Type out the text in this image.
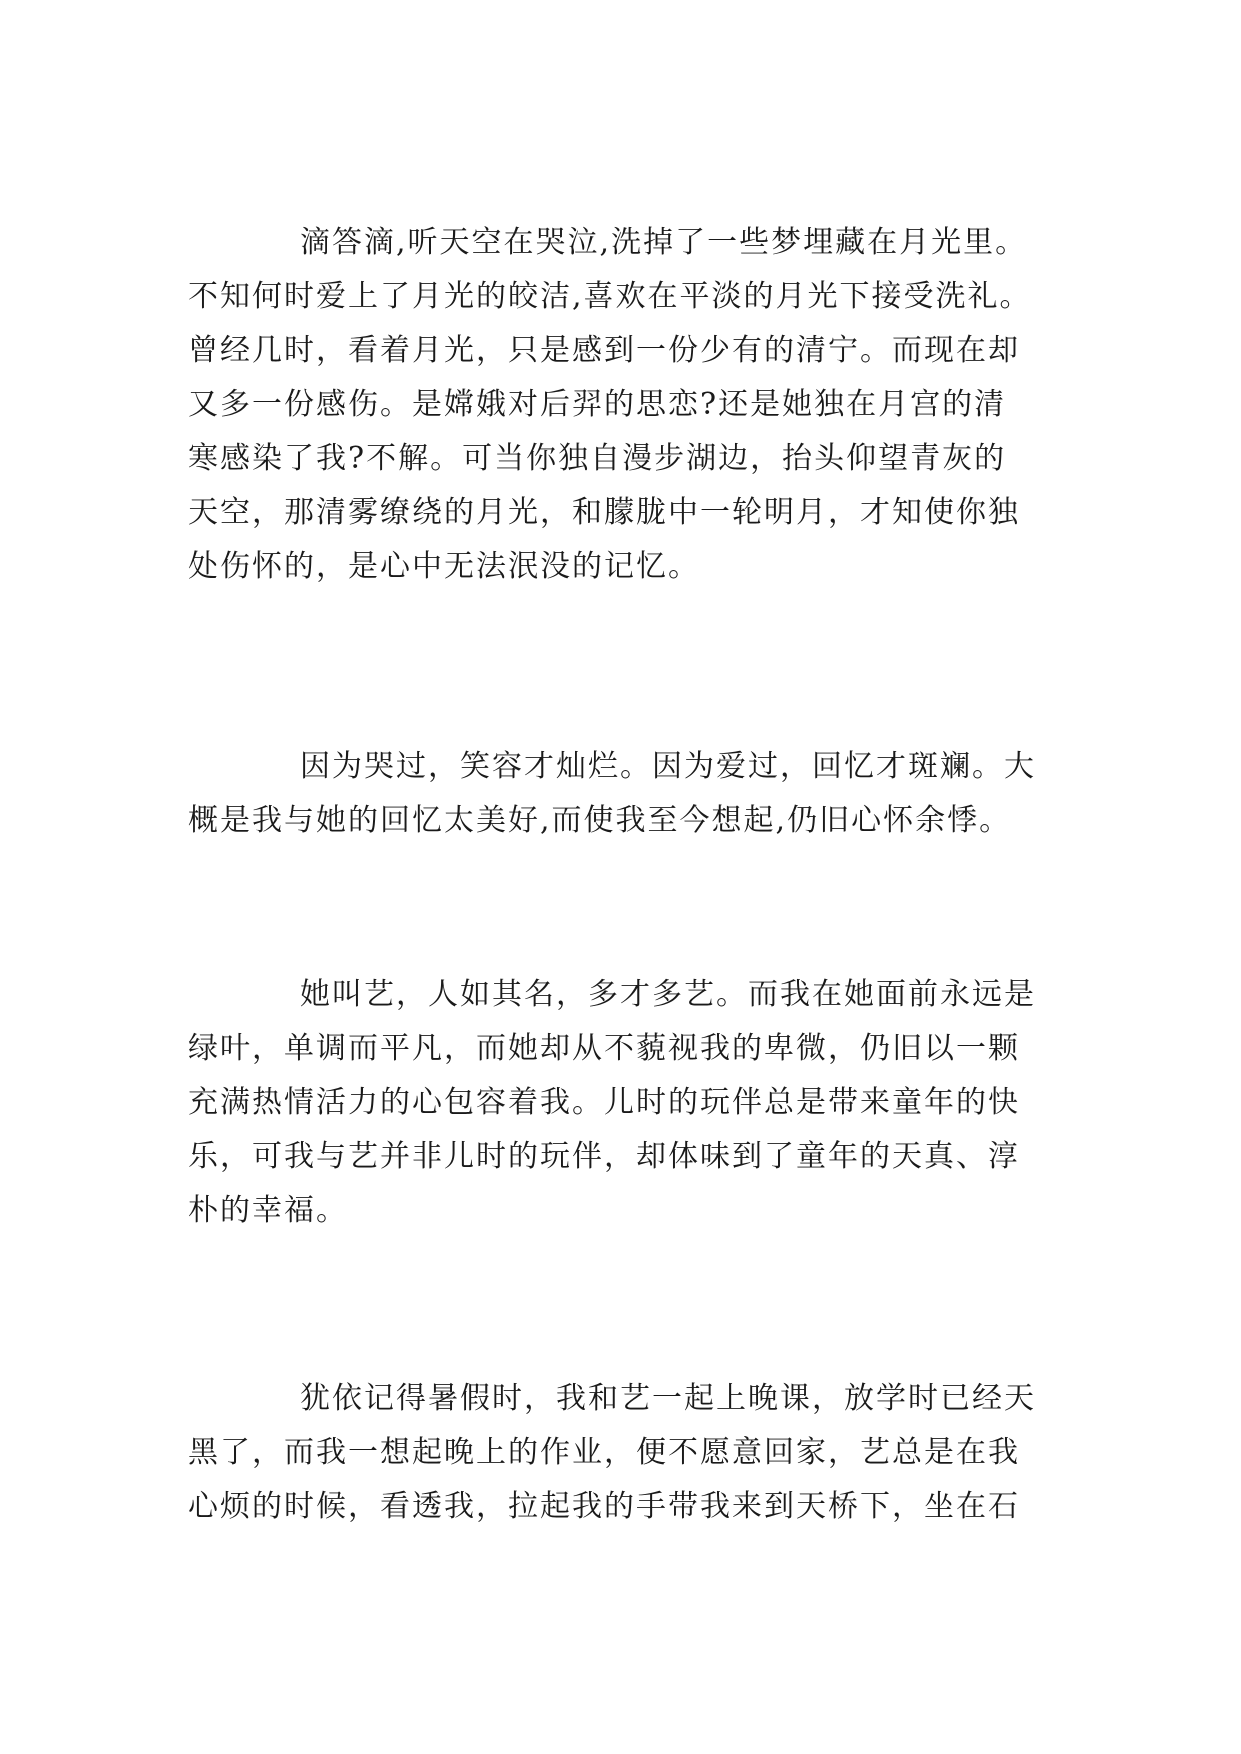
滴答滴,听天空在哭泣,洗掉了一些梦埋藏在月光里。
不知何时爱上了月光的皎洁,喜欢在平淡的月光下接受洗礼。
曾经几时，看着月光，只是感到一份少有的清宁。而现在却
又多一份感伤。是嫦娥对后羿的思恋?还是她独在月宫的清
寒感染了我?不解。可当你独自漫步湖边，抬头仰望青灰的
天空，那清雾缭绕的月光，和朦胧中一轮明月，才知使你独
处伤怀的，是心中无法泯没的记忆。
因为哭过，笑容才灿烂。因为爱过，回忆才斑斓。大
概是我与她的回忆太美好,而使我至今想起,仍旧心怀余悸。
她叫艺，人如其名，多才多艺。而我在她面前永远是
绿叶，单调而平凡，而她却从不藐视我的卑微，仍旧以一颗
充满热情活力的心包容着我。儿时的玩伴总是带来童年的快
乐，可我与艺并非儿时的玩伴，却体味到了童年的天真、淳
朴的幸福。
犹依记得暑假时，我和艺一起上晚课，放学时已经天
黑了，而我一想起晚上的作业，便不愿意回家，艺总是在我
心烦的时候，看透我，拉起我的手带我来到天桥下，坐在石
